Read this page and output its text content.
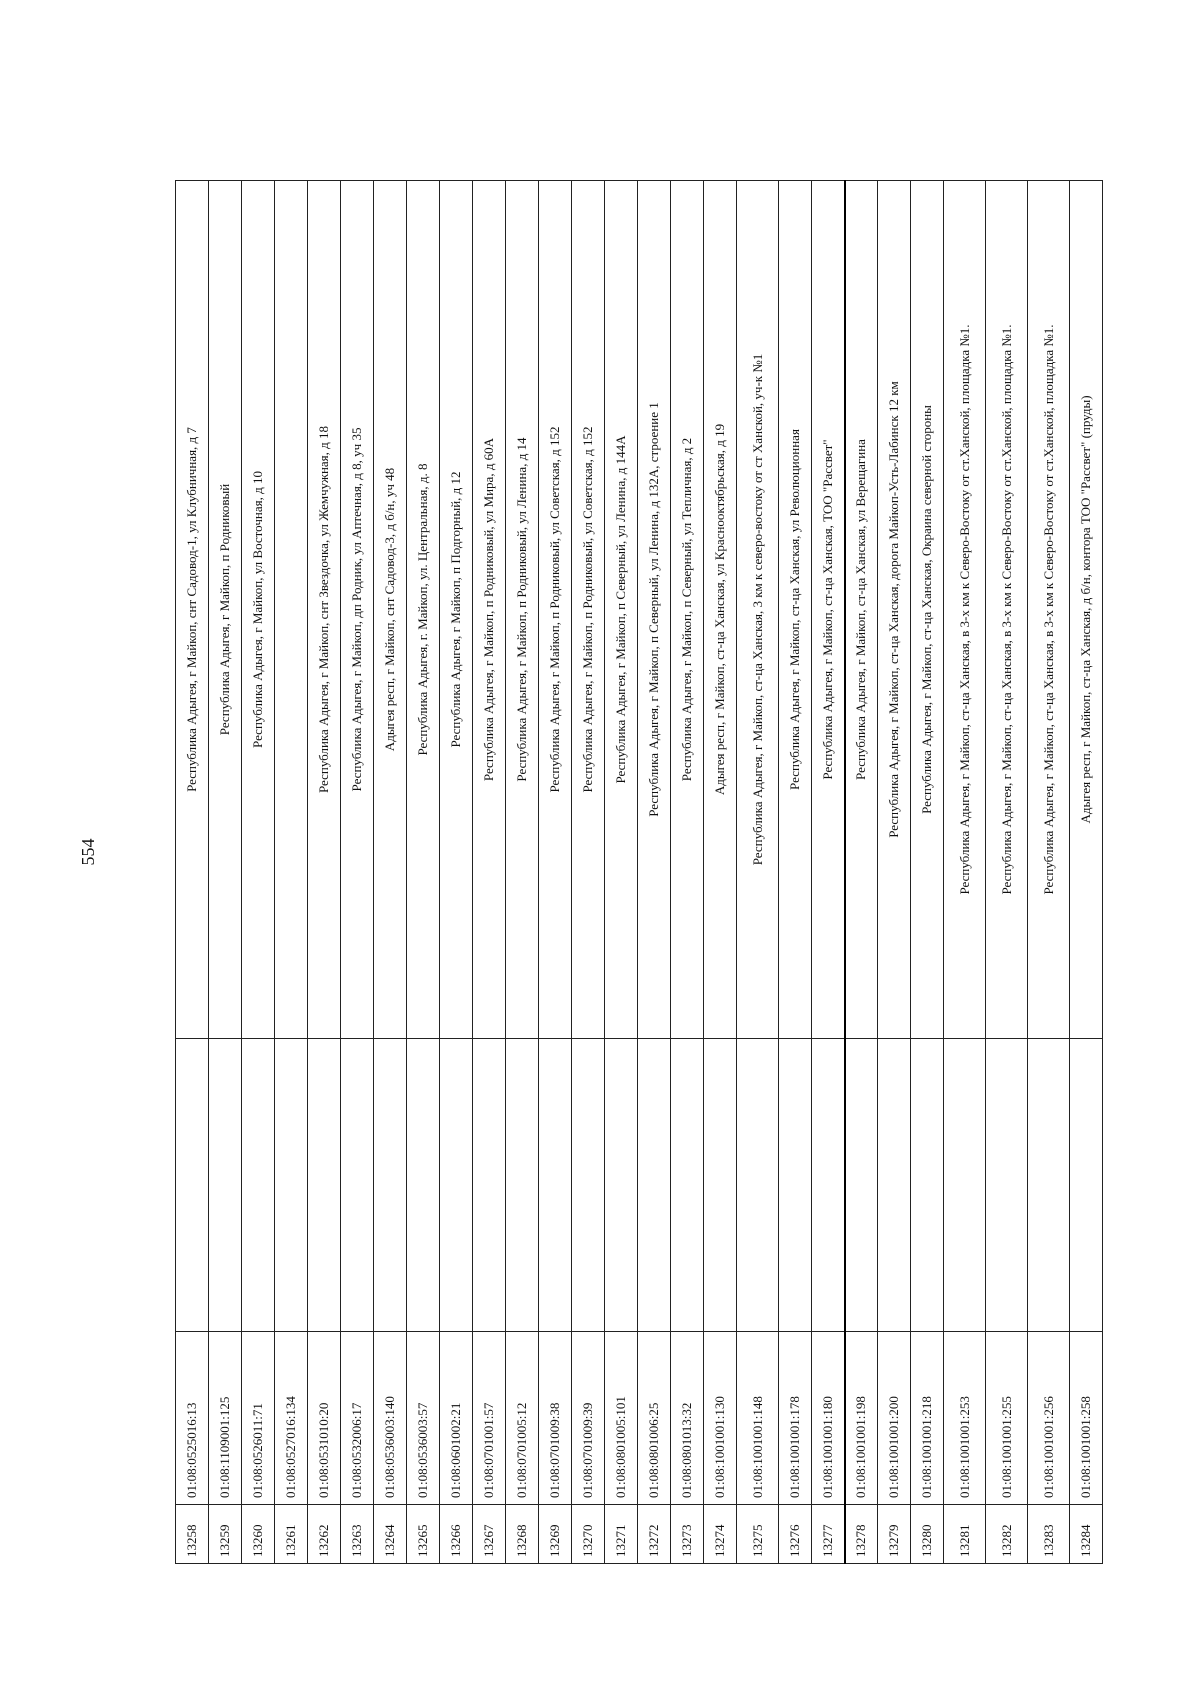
554
13258	01:08:0525016:13		Республика Адыгея, г Майкоп, снт Садовод-1, ул Клубничная, д 7
13259	01:08:1109001:125		Республика Адыгея, г Майкоп, п Родниковый
13260	01:08:0526011:71		Республика Адыгея, г Майкоп, ул Восточная, д 10
13261	01:08:0527016:134		
13262	01:08:0531010:20		Республика Адыгея, г Майкоп, снт Звездочка, ул Жемчужная, д 18
13263	01:08:0532006:17		Республика Адыгея, г Майкоп, дп Родник, ул Аптечная, д 8, уч 35
13264	01:08:0536003:140		Адыгея респ, г Майкоп, снт Садовод-3, д б/н, уч 48
13265	01:08:0536003:57		Республика Адыгея, г. Майкоп, ул. Центральная, д. 8
13266	01:08:0601002:21		Республика Адыгея, г Майкоп, п Подгорный, д 12
13267	01:08:0701001:57		Республика Адыгея, г Майкоп, п Родниковый, ул Мира, д 60А
13268	01:08:0701005:12		Республика Адыгея, г Майкоп, п Родниковый, ул Ленина, д 14
13269	01:08:0701009:38		Республика Адыгея, г Майкоп, п Родниковый, ул Советская, д 152
13270	01:08:0701009:39		Республика Адыгея, г Майкоп, п Родниковый, ул Советская, д 152
13271	01:08:0801005:101		Республика Адыгея, г Майкоп, п Северный, ул Ленина, д 144А
13272	01:08:0801006:25		Республика Адыгея, г Майкоп, п Северный, ул Ленина, д 132А, строение 1
13273	01:08:0801013:32		Республика Адыгея, г Майкоп, п Северный, ул Тепличная, д 2
13274	01:08:1001001:130		Адыгея респ, г Майкоп, ст-ца Ханская, ул Краснооктябрьская, д 19
13275	01:08:1001001:148		Республика Адыгея, г Майкоп, ст-ца Ханская, 3 км к северо-востоку от ст Ханской, уч-к №1
13276	01:08:1001001:178		Республика Адыгея, г Майкоп, ст-ца Ханская, ул Революционная
13277	01:08:1001001:180		Республика Адыгея, г Майкоп, ст-ца Ханская, ТОО "Рассвет"
13278	01:08:1001001:198		Республика Адыгея, г Майкоп, ст-ца Ханская, ул Верещагина
13279	01:08:1001001:200		Республика Адыгея, г Майкоп, ст-ца Ханская, дорога Майкоп-Усть-Лабинск 12 км
13280	01:08:1001001:218		Республика Адыгея, г Майкоп, ст-ца Ханская, Окраина северной стороны
13281	01:08:1001001:253		Республика Адыгея, г Майкоп, ст-ца Ханская, в 3-х км к Северо-Востоку от ст.Ханской, площадка №1.
13282	01:08:1001001:255		Республика Адыгея, г Майкоп, ст-ца Ханская, в 3-х км к Северо-Востоку от ст.Ханской, площадка №1.
13283	01:08:1001001:256		Республика Адыгея, г Майкоп, ст-ца Ханская, в 3-х км к Северо-Востоку от ст.Ханской, площадка №1.
13284	01:08:1001001:258		Адыгея респ, г Майкоп, ст-ца Ханская, д б/н, контора ТОО "Рассвет" (пруды)
